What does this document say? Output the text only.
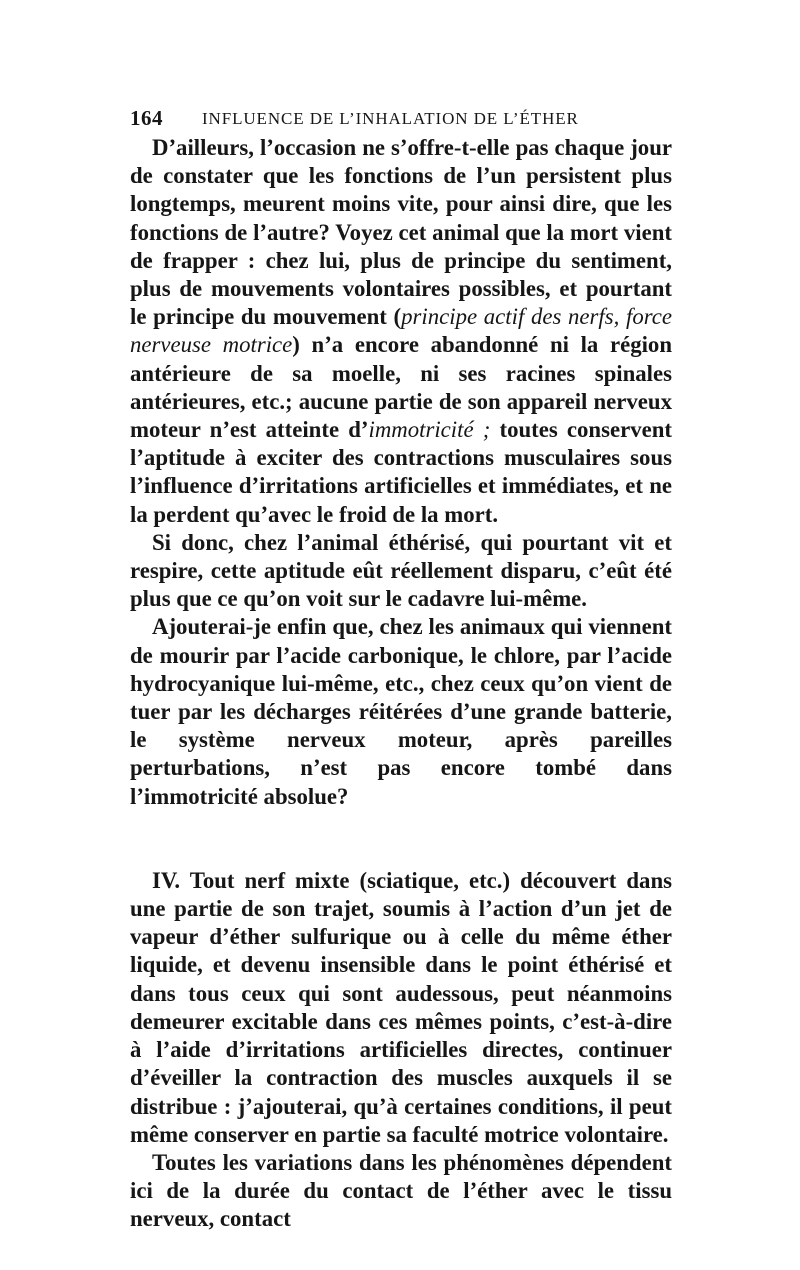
164 INFLUENCE DE L’INHALATION DE L’ÉTHER

D’ailleurs, l’occasion ne s’offre-t-elle pas chaque jour de constater que les fonctions de l’un persistent plus longtemps, meurent moins vite, pour ainsi dire, que les fonctions de l’autre? Voyez cet animal que la mort vient de frapper : chez lui, plus de principe du sentiment, plus de mouvements volontaires possibles, et pourtant le principe du mouvement (principe actif des nerfs, force nerveuse motrice) n’a encore abandonné ni la région antérieure de sa moelle, ni ses racines spinales antérieures, etc.; aucune partie de son appareil nerveux moteur n’est atteinte d’immotricité ; toutes conservent l’aptitude à exciter des contractions musculaires sous l’influence d’irritations artificielles et immédiates, et ne la perdent qu’avec le froid de la mort.

Si donc, chez l’animal éthérisé, qui pourtant vit et respire, cette aptitude eût réellement disparu, c’eût été plus que ce qu’on voit sur le cadavre lui-même.

Ajouterai-je enfin que, chez les animaux qui viennent de mourir par l’acide carbonique, le chlore, par l’acide hydrocyanique lui-même, etc., chez ceux qu’on vient de tuer par les décharges réitérées d’une grande batterie, le système nerveux moteur, après pareilles perturbations, n’est pas encore tombé dans l’immotricité absolue?

IV. Tout nerf mixte (sciatique, etc.) découvert dans une partie de son trajet, soumis à l’action d’un jet de vapeur d’éther sulfurique ou à celle du même éther liquide, et devenu insensible dans le point éthérisé et dans tous ceux qui sont audessous, peut néanmoins demeurer excitable dans ces mêmes points, c’est-à-dire à l’aide d’irritations artificielles directes, continuer d’éveiller la contraction des muscles auxquels il se distribue : j’ajouterai, qu’à certaines conditions, il peut même conserver en partie sa faculté motrice volontaire.

Toutes les variations dans les phénomènes dépendent ici de la durée du contact de l’éther avec le tissu nerveux, contact
